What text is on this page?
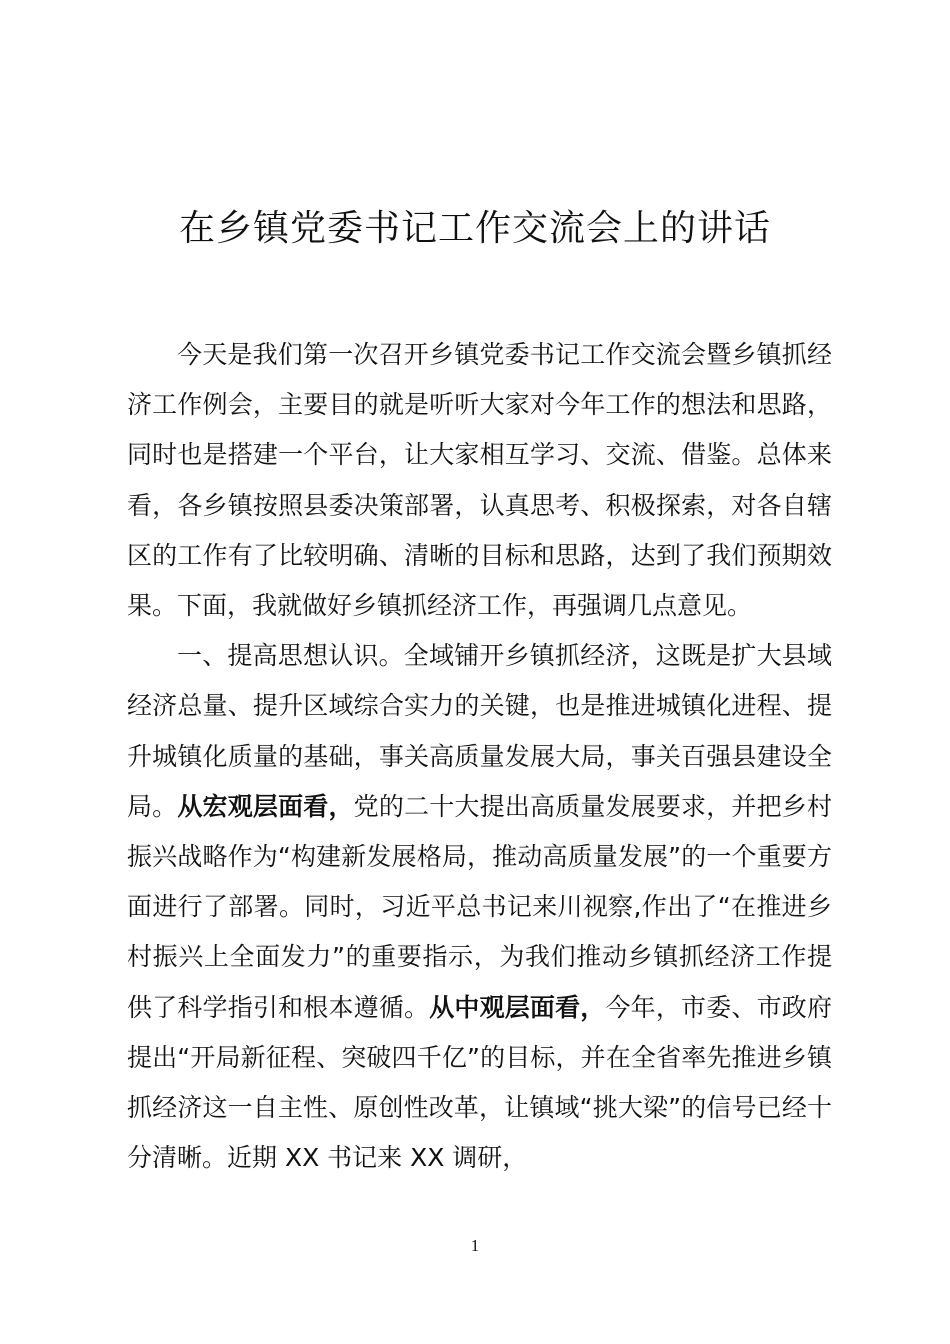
在乡镇党委书记工作交流会上的讲话

今天是我们第一次召开乡镇党委书记工作交流会暨乡镇抓经济工作例会，主要目的就是听听大家对今年工作的想法和思路，同时也是搭建一个平台，让大家相互学习、交流、借鉴。总体来看，各乡镇按照县委决策部署，认真思考、积极探索，对各自辖区的工作有了比较明确、清晰的目标和思路，达到了我们预期效果。下面，我就做好乡镇抓经济工作，再强调几点意见。

一、提高思想认识。全域铺开乡镇抓经济，这既是扩大县域经济总量、提升区域综合实力的关键，也是推进城镇化进程、提升城镇化质量的基础，事关高质量发展大局，事关百强县建设全局。从宏观层面看，党的二十大提出高质量发展要求，并把乡村振兴战略作为“构建新发展格局，推动高质量发展”的一个重要方面进行了部署。同时，习近平总书记来川视察,作出了“在推进乡村振兴上全面发力”的重要指示，为我们推动乡镇抓经济工作提供了科学指引和根本遵循。从中观层面看，今年，市委、市政府提出“开局新征程、突破四千亿”的目标，并在全省率先推进乡镇抓经济这一自主性、原创性改革，让镇域“挑大梁”的信号已经十分清晰。近期 XX 书记来 XX 调研，

1
